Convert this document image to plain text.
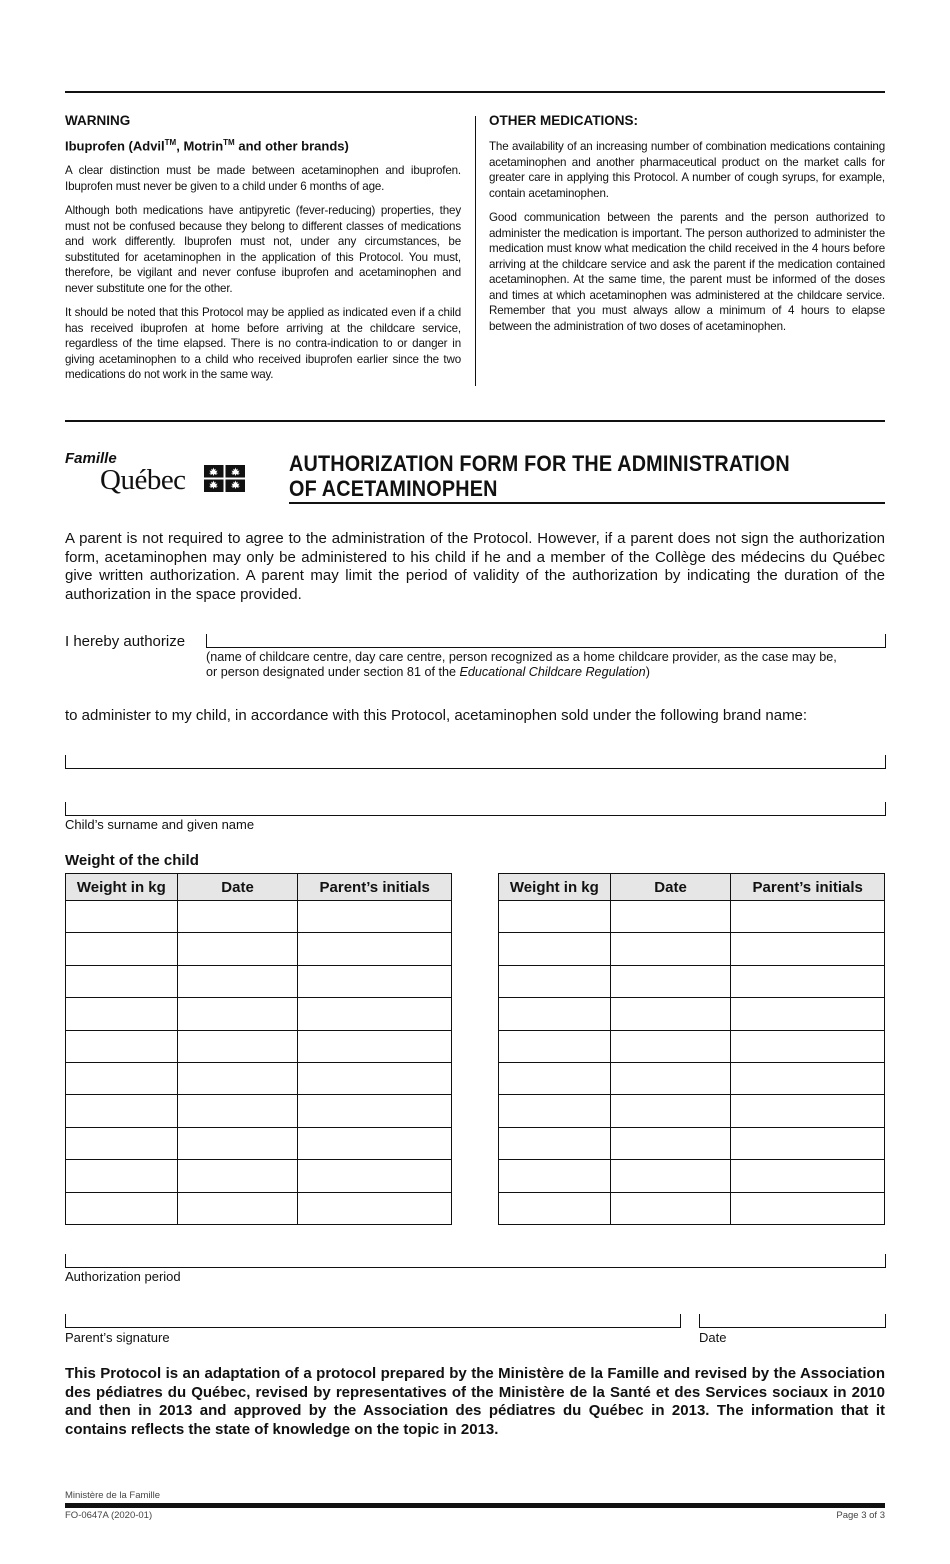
WARNING
Ibuprofen (Advil™, Motrin™ and other brands)

A clear distinction must be made between acetaminophen and ibuprofen. Ibuprofen must never be given to a child under 6 months of age.

Although both medications have antipyretic (fever-reducing) properties, they must not be confused because they belong to different classes of medications and work differently. Ibuprofen must not, under any circumstances, be substituted for acetaminophen in the application of this Protocol. You must, therefore, be vigilant and never confuse ibuprofen and acetaminophen and never substitute one for the other.

It should be noted that this Protocol may be applied as indicated even if a child has received ibuprofen at home before arriving at the childcare service, regardless of the time elapsed. There is no contra-indication to or danger in giving acetaminophen to a child who received ibuprofen earlier since the two medications do not work in the same way.

OTHER MEDICATIONS:

The availability of an increasing number of combination medications containing acetaminophen and another pharmaceutical product on the market calls for greater care in applying this Protocol. A number of cough syrups, for example, contain acetaminophen.

Good communication between the parents and the person authorized to administer the medication is important. The person authorized to administer the medication must know what medication the child received in the 4 hours before arriving at the childcare service and ask the parent if the medication contained acetaminophen. At the same time, the parent must be informed of the doses and times at which acetaminophen was administered at the childcare service. Remember that you must always allow a minimum of 4 hours to elapse between the administration of two doses of acetaminophen.

Famille
Québec
AUTHORIZATION FORM FOR THE ADMINISTRATION
OF ACETAMINOPHEN
A parent is not required to agree to the administration of the Protocol. However, if a parent does not sign the authorization form, acetaminophen may only be administered to his child if he and a member of the Collège des médecins du Québec give written authorization. A parent may limit the period of validity of the authorization by indicating the duration of the authorization in the space provided.
I hereby authorize
(name of childcare centre, day care centre, person recognized as a home childcare provider, as the case may be,
or person designated under section 81 of the Educational Childcare Regulation)
to administer to my child, in accordance with this Protocol, acetaminophen sold under the following brand name:
Child’s surname and given name
Weight of the child
Weight in kg	Date	Parent’s initials

			Weight in kg	Date	Parent’s initials

Authorization period
Parent’s signature	Date
This Protocol is an adaptation of a protocol prepared by the Ministère de la Famille and revised by the Association des pédiatres du Québec, revised by representatives of the Ministère de la Santé et des Services sociaux in 2010 and then in 2013 and approved by the Association des pédiatres du Québec in 2013. The information that it contains reflects the state of knowledge on the topic in 2013.
Ministère de la Famille
FO-0647A (2020-01)	Page 3 of 3
